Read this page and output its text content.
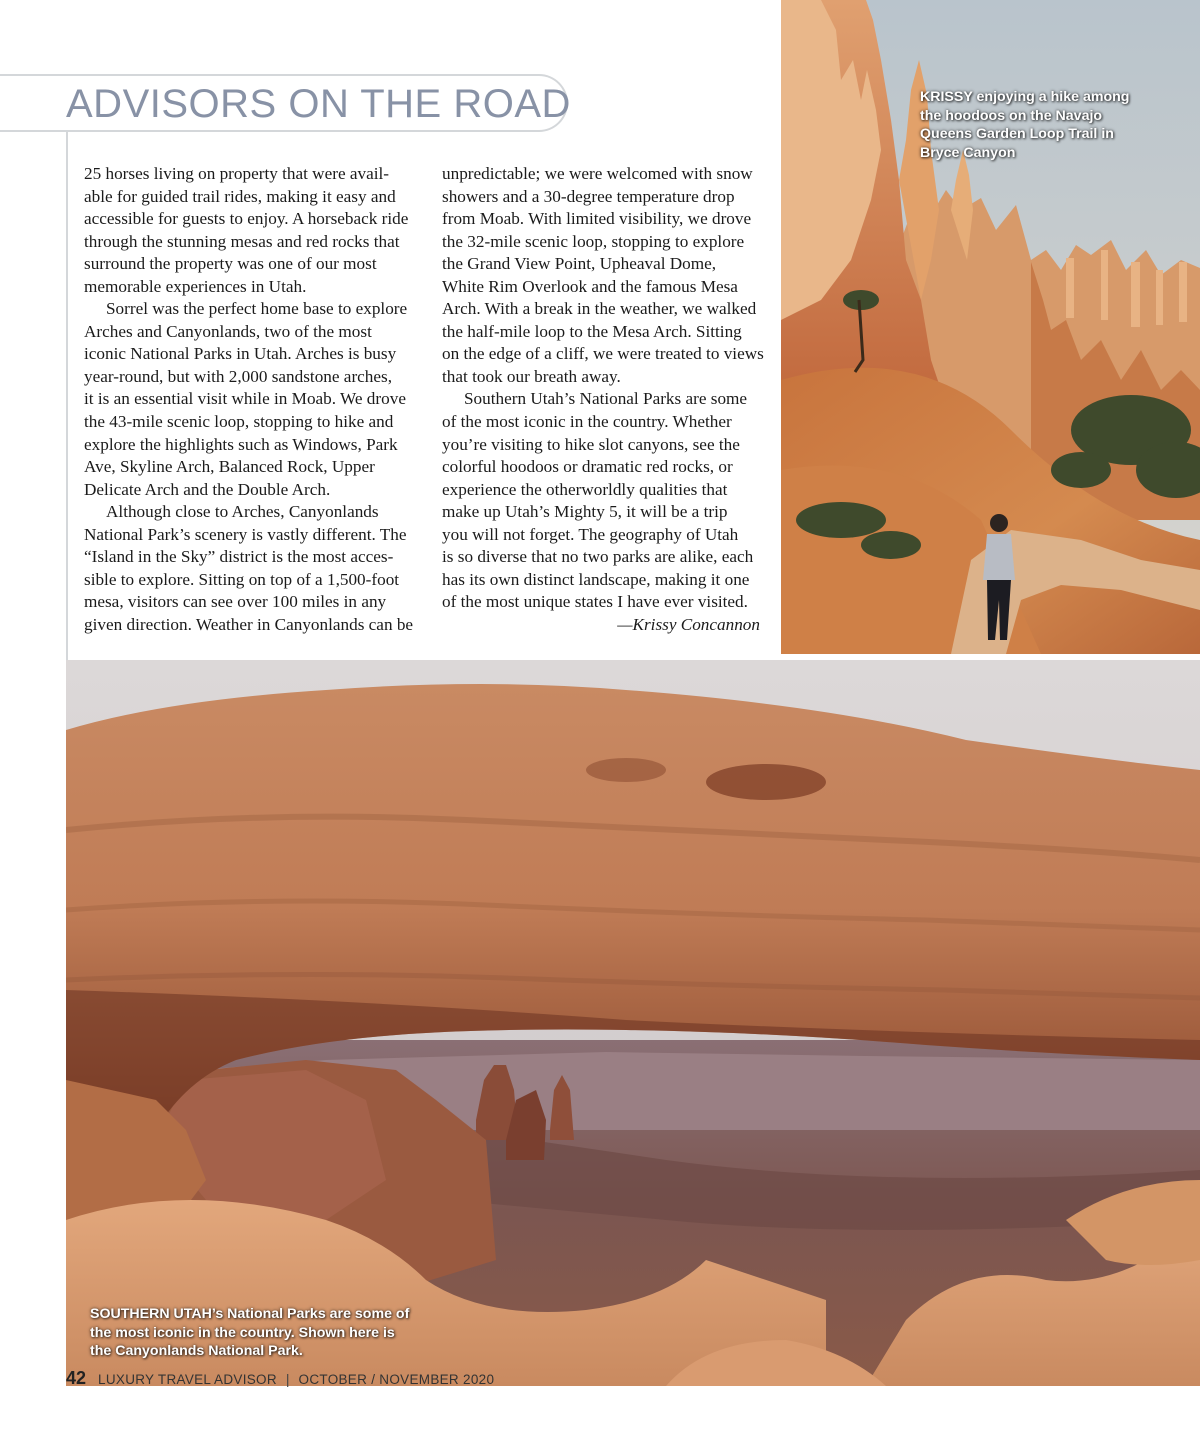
ADVISORS ON THE ROAD	KRISSY enjoying a hike among
the hoodoos on the Navajo
Queens Garden Loop Trail in
Bryce Canyon

25 horses living on property that were avail-
able for guided trail rides, making it easy and
accessible for guests to enjoy. A horseback ride
through the stunning mesas and red rocks that
surround the property was one of our most
memorable experiences in Utah.

Sorrel was the perfect home base to explore
Arches and Canyonlands, two of the most
iconic National Parks in Utah. Arches is busy
year-round, but with 2,000 sandstone arches,
it is an essential visit while in Moab. We drove
the 43-mile scenic loop, stopping to hike and
explore the highlights such as Windows, Park
Ave, Skyline Arch, Balanced Rock, Upper
Delicate Arch and the Double Arch.

Although close to Arches, Canyonlands
National Park’s scenery is vastly different. The
“Island in the Sky” district is the most acces-
sible to explore. Sitting on top of a 1,500-foot
mesa, visitors can see over 100 miles in any
given direction. Weather in Canyonlands can be

unpredictable; we were welcomed with snow
showers and a 30-degree temperature drop
from Moab. With limited visibility, we drove
the 32-mile scenic loop, stopping to explore
the Grand View Point, Upheaval Dome,
White Rim Overlook and the famous Mesa
Arch. With a break in the weather, we walked
the half-mile loop to the Mesa Arch. Sitting
on the edge of a cliff, we were treated to views
that took our breath away.

Southern Utah’s National Parks are some
of the most iconic in the country. Whether
you’re visiting to hike slot canyons, see the
colorful hoodoos or dramatic red rocks, or
experience the otherworldly qualities that
make up Utah’s Mighty 5, it will be a trip
you will not forget. The geography of Utah
is so diverse that no two parks are alike, each
has its own distinct landscape, making it one
of the most unique states I have ever visited.

—Krissy Concannon
SOUTHERN UTAH’s National Parks are some of
the most iconic in the country. Shown here is
the Canyonlands National Park.
42 LUXURY TRAVEL ADVISOR | OCTOBER / NOVEMBER 2020
